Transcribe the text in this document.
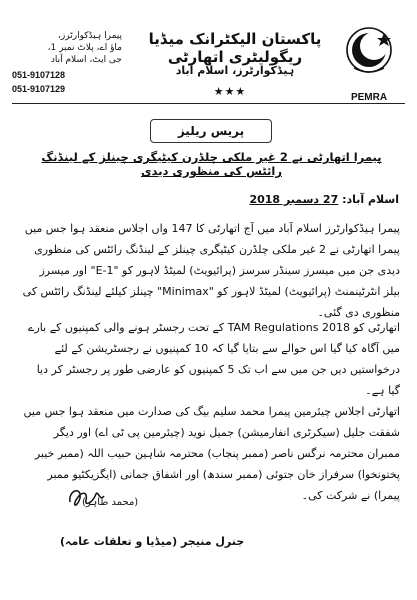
PEMRA
پاکستان الیکٹرانک میڈیا ریگولیٹری اتھارٹی
ہیڈکوارٹرز، اسلام آباد
★★★
پیمرا ہیڈکوارٹرز،
ماؤ اے، پلاٹ نمبر 1،
جی ایٹ، اسلام آباد
051-9107128
051-9107129
پریس ریلیز
پیمرا اتھارٹی نے 2 غیر ملکی چلڈرن کیٹیگری چینلز کے لینڈنگ رائٹس کی منظوری دیدی
اسلام آباد: 27 دسمبر 2018
پیمرا ہیڈکوارٹرز اسلام آباد میں آج اتھارٹی کا 147 واں اجلاس منعقد ہوا جس میں پیمرا اتھارٹی نے 2 غیر ملکی چلڈرن کیٹیگری چینلز کے لینڈنگ رائٹس کی منظوری دیدی جن میں میسرز سینڈر سرسز (پرائیویٹ) لمیٹڈ لاہور کو "E-1" اور میسرز بیلز انٹرٹینمنٹ (پرائیویٹ) لمیٹڈ لاہور کو "Minimax" چینلز کیلئے لینڈنگ رائٹس کی منظوری دی گئی۔
اتھارٹی کو TAM Regulations 2018 کے تحت رجسٹر ہونے والی کمپنیوں کے بارے میں آگاہ کیا گیا اس حوالے سے بتایا گیا کہ 10 کمپنیوں نے رجسٹریشن کے لئے درخواستیں دیں جن میں سے اب تک 5 کمپنیوں کو عارضی طور پر رجسٹر کر دیا گیا ہے۔
اتھارٹی اجلاس چیئرمین پیمرا محمد سلیم بیگ کی صدارت میں منعقد ہوا جس میں شفقت جلیل (سیکرٹری انفارمیشن) جمیل نوید (چیئرمین پی ٹی اے) اور دیگر ممبران محترمہ نرگس ناصر (ممبر پنجاب) محترمہ شاہین حبیب اللہ (ممبر خیبر پختونخوا) سرفراز خان جتوئی (ممبر سندھ) اور اشفاق جمانی (ایگزیکٹیو ممبر پیمرا) نے شرکت کی۔
(محمد طاہر)
جنرل منیجر (میڈیا و تعلقات عامہ)
